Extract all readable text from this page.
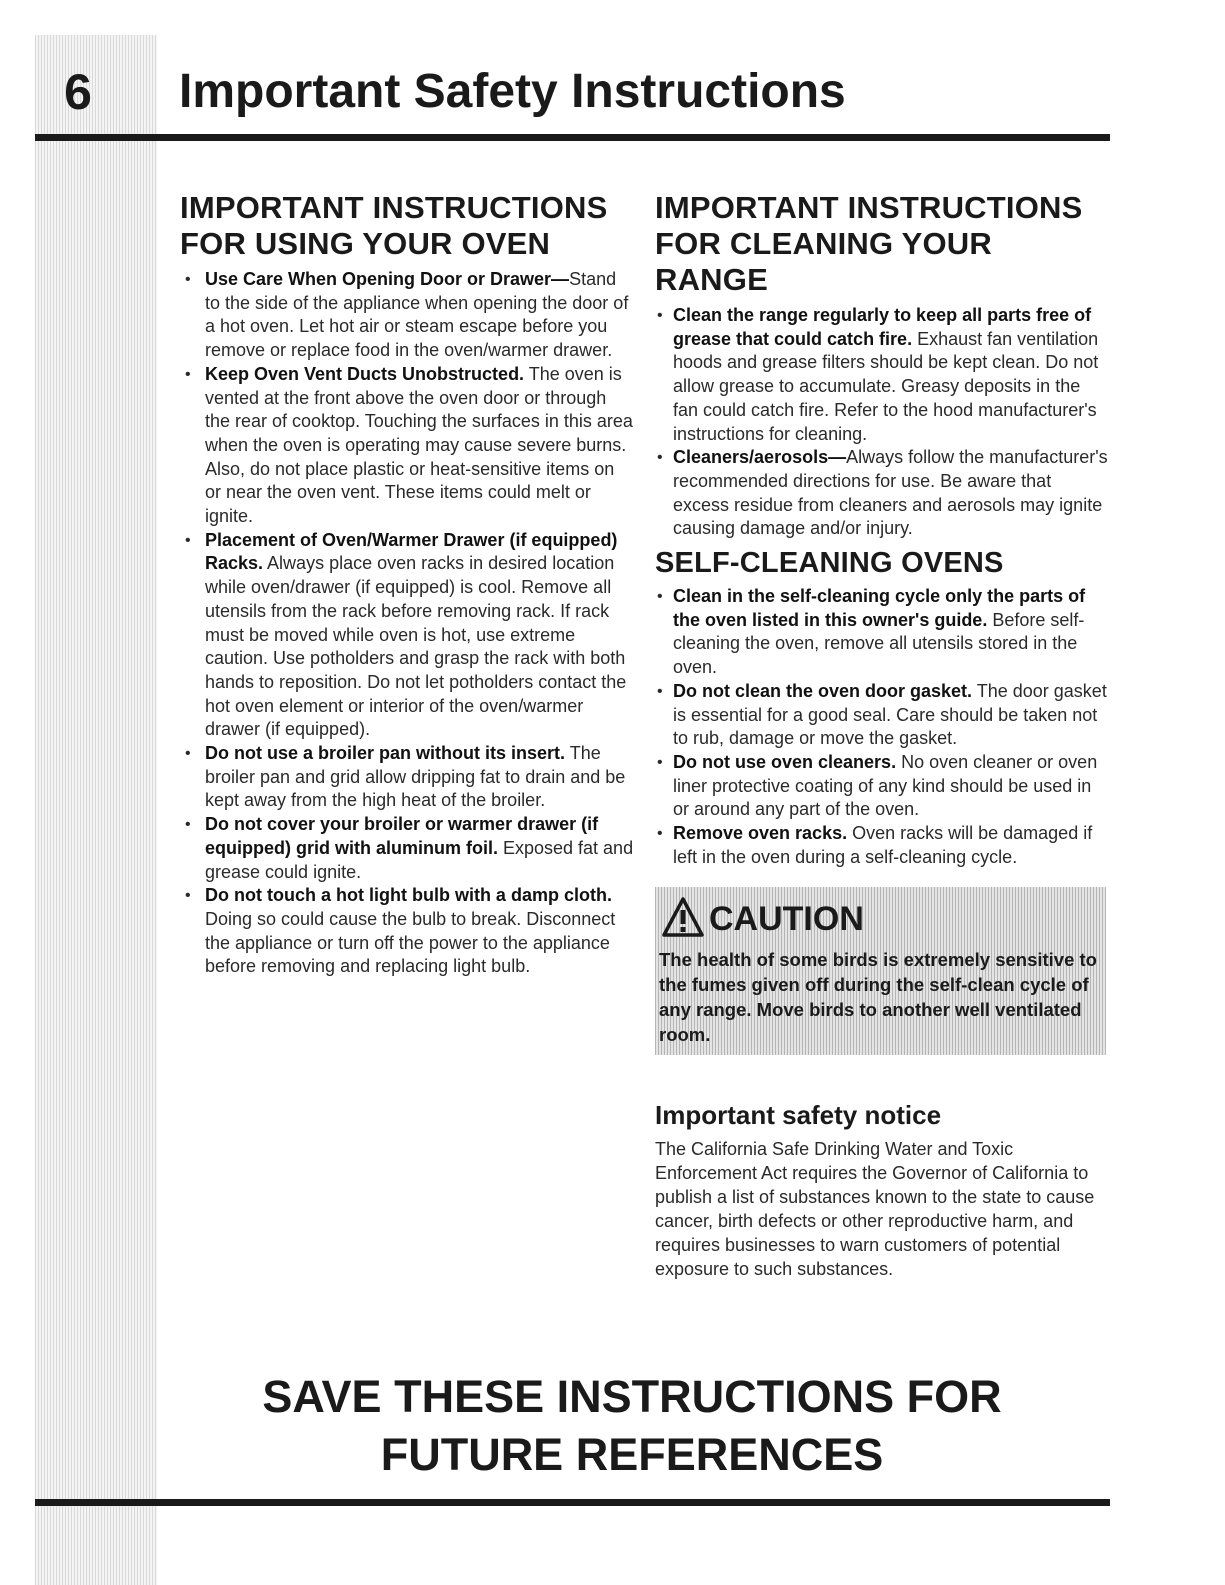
6	Important Safety Instructions
IMPORTANT INSTRUCTIONS FOR USING YOUR OVEN
• Use Care When Opening Door or Drawer—Stand to the side of the appliance when opening the door of a hot oven. Let hot air or steam escape before you remove or replace food in the oven/warmer drawer.
• Keep Oven Vent Ducts Unobstructed. The oven is vented at the front above the oven door or through the rear of cooktop. Touching the surfaces in this area when the oven is operating may cause severe burns. Also, do not place plastic or heat-sensitive items on or near the oven vent. These items could melt or ignite.
• Placement of Oven/Warmer Drawer (if equipped) Racks. Always place oven racks in desired location while oven/drawer (if equipped) is cool. Remove all utensils from the rack before removing rack. If rack must be moved while oven is hot, use extreme caution. Use potholders and grasp the rack with both hands to reposition. Do not let potholders contact the hot oven element or interior of the oven/warmer drawer (if equipped).
• Do not use a broiler pan without its insert. The broiler pan and grid allow dripping fat to drain and be kept away from the high heat of the broiler.
• Do not cover your broiler or warmer drawer (if equipped) grid with aluminum foil. Exposed fat and grease could ignite.
• Do not touch a hot light bulb with a damp cloth. Doing so could cause the bulb to break. Disconnect the appliance or turn off the power to the appliance before removing and replacing light bulb.
IMPORTANT INSTRUCTIONS FOR CLEANING YOUR RANGE
• Clean the range regularly to keep all parts free of grease that could catch fire. Exhaust fan ventilation hoods and grease filters should be kept clean. Do not allow grease to accumulate. Greasy deposits in the fan could catch fire. Refer to the hood manufacturer's instructions for cleaning.
• Cleaners/aerosols—Always follow the manufacturer's recommended directions for use. Be aware that excess residue from cleaners and aerosols may ignite causing damage and/or injury.
SELF-CLEANING OVENS
• Clean in the self-cleaning cycle only the parts of the oven listed in this owner's guide. Before self-cleaning the oven, remove all utensils stored in the oven.
• Do not clean the oven door gasket. The door gasket is essential for a good seal. Care should be taken not to rub, damage or move the gasket.
• Do not use oven cleaners. No oven cleaner or oven liner protective coating of any kind should be used in or around any part of the oven.
• Remove oven racks. Oven racks will be damaged if left in the oven during a self-cleaning cycle.
CAUTION

The health of some birds is extremely sensitive to the fumes given off during the self-clean cycle of any range. Move birds to another well ventilated room.

Important safety notice

The California Safe Drinking Water and Toxic Enforcement Act requires the Governor of California to publish a list of substances known to the state to cause cancer, birth defects or other reproductive harm, and requires businesses to warn customers of potential exposure to such substances.

SAVE THESE INSTRUCTIONS FOR
FUTURE REFERENCES
